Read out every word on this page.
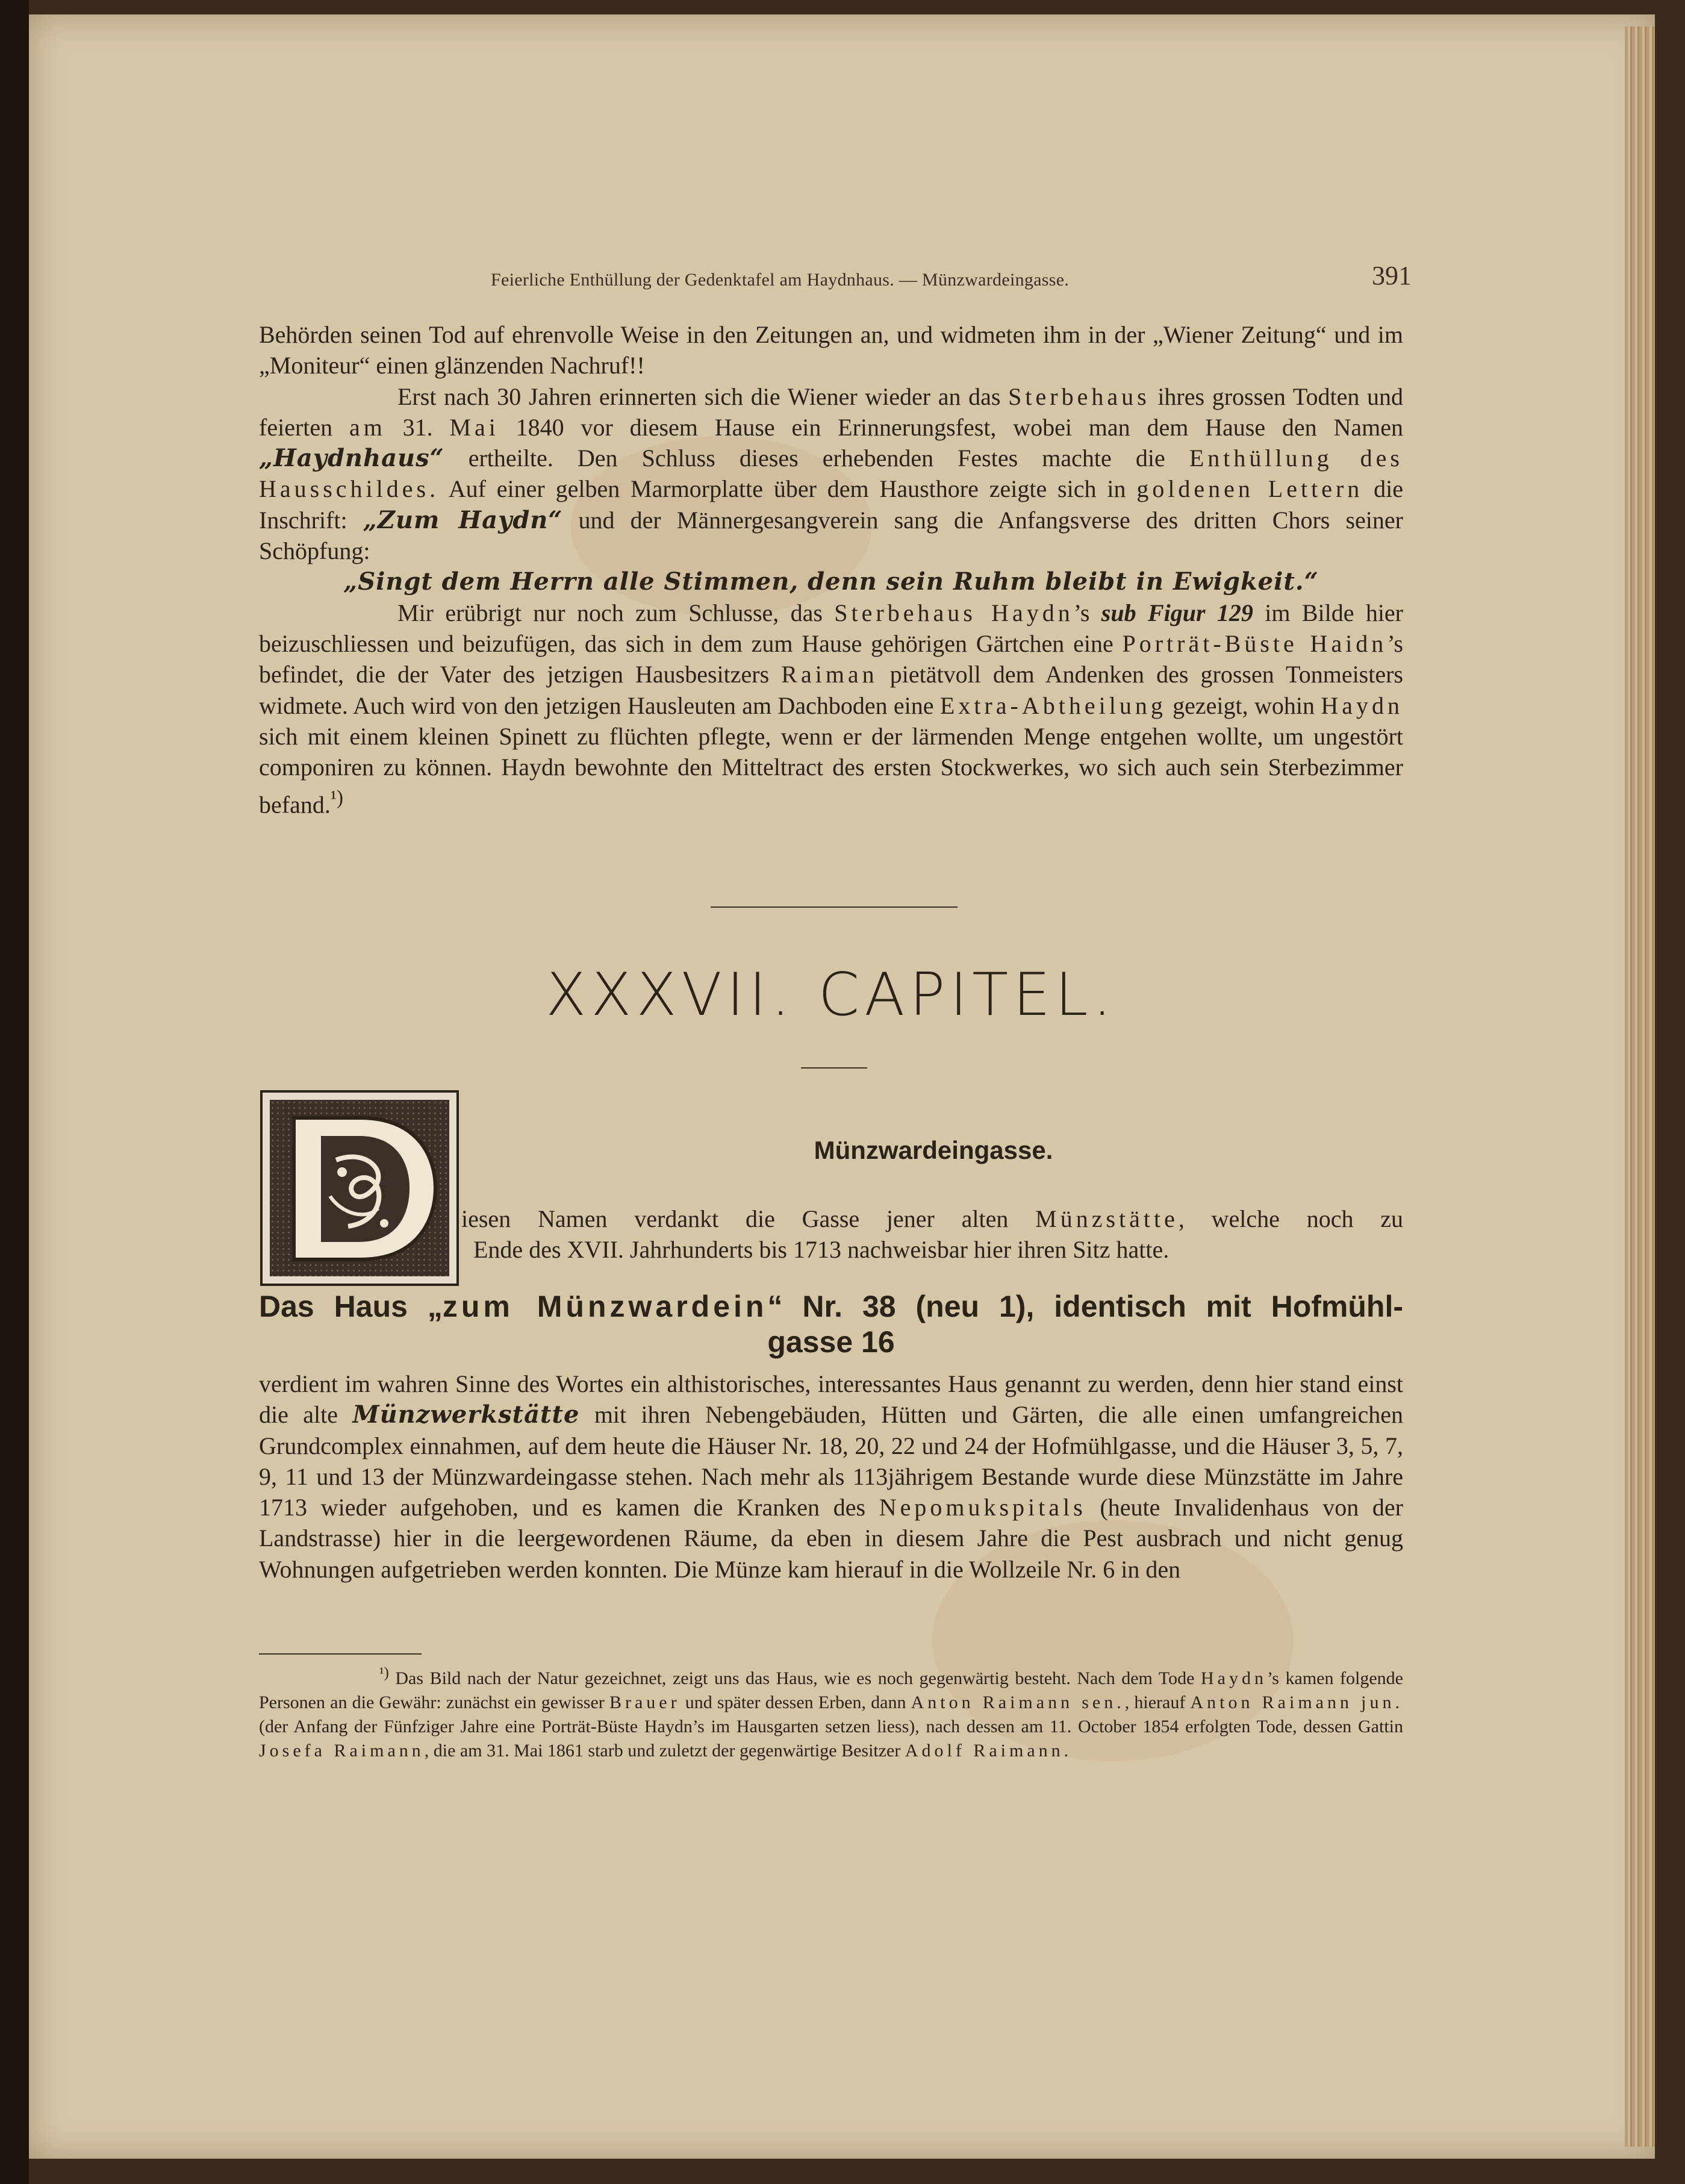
Feierliche Enthüllung der Gedenktafel am Haydnhaus. — Münzwardeingasse.	391

Behörden seinen Tod auf ehrenvolle Weise in den Zeitungen an, und widmeten ihm in der „Wiener Zeitung“ und im „Moniteur“ einen glänzenden Nachruf!!

Erst nach 30 Jahren erinnerten sich die Wiener wieder an das Sterbehaus ihres grossen Todten und feierten am 31. Mai 1840 vor diesem Hause ein Erinnerungsfest, wobei man dem Hause den Namen „Haydnhaus“ ertheilte. Den Schluss dieses erhebenden Festes machte die Enthüllung des Hausschildes. Auf einer gelben Marmorplatte über dem Hausthore zeigte sich in goldenen Lettern die Inschrift: „Zum Haydn“ und der Männergesangverein sang die Anfangsverse des dritten Chors seiner Schöpfung:

„Singt dem Herrn alle Stimmen, denn sein Ruhm bleibt in Ewigkeit.“

Mir erübrigt nur noch zum Schlusse, das Sterbehaus Haydn’s sub Figur 129 im Bilde hier beizuschliessen und beizufügen, das sich in dem zum Hause gehörigen Gärtchen eine Porträt-Büste Haidn’s befindet, die der Vater des jetzigen Hausbesitzers Raiman pietätvoll dem Andenken des grossen Tonmeisters widmete. Auch wird von den jetzigen Hausleuten am Dachboden eine Extra-Abtheilung gezeigt, wohin Haydn sich mit einem kleinen Spinett zu flüchten pflegte, wenn er der lärmenden Menge entgehen wollte, um ungestört componiren zu können. Haydn bewohnte den Mitteltract des ersten Stockwerkes, wo sich auch sein Sterbezimmer befand.$^{^1)}$

XXXVII. CAPITEL.
D
Münzwardeingasse.
iesen Namen verdankt die Gasse jener alten Münzstätte, welche noch zu
Ende des XVII. Jahrhunderts bis 1713 nachweisbar hier ihren Sitz hatte.
Das Haus „zum Münzwardein“ Nr. 38 (neu 1), identisch mit Hofmühl-
gasse 16

verdient im wahren Sinne des Wortes ein althistorisches, interessantes Haus genannt zu werden, denn hier stand einst die alte Münzwerkstätte mit ihren Nebengebäuden, Hütten und Gärten, die alle einen umfangreichen Grundcomplex einnahmen, auf dem heute die Häuser Nr. 18, 20, 22 und 24 der Hofmühlgasse, und die Häuser 3, 5, 7, 9, 11 und 13 der Münzwardeingasse stehen. Nach mehr als 113jährigem Bestande wurde diese Münzstätte im Jahre 1713 wieder aufgehoben, und es kamen die Kranken des Nepomukspitals (heute Invalidenhaus von der Landstrasse) hier in die leergewordenen Räume, da eben in diesem Jahre die Pest ausbrach und nicht genug Wohnungen aufgetrieben werden konnten. Die Münze kam hierauf in die Wollzeile Nr. 6 in den

$^{^1)}$ Das Bild nach der Natur gezeichnet, zeigt uns das Haus, wie es noch gegenwärtig besteht. Nach dem Tode Haydn’s kamen folgende Personen an die Gewähr: zunächst ein gewisser Brauer und später dessen Erben, dann Anton Raimann sen., hierauf Anton Raimann jun. (der Anfang der Fünfziger Jahre eine Porträt-Büste Haydn’s im Hausgarten setzen liess), nach dessen am 11. October 1854 erfolgten Tode, dessen Gattin Josefa Raimann, die am 31. Mai 1861 starb und zuletzt der gegenwärtige Besitzer Adolf Raimann.
